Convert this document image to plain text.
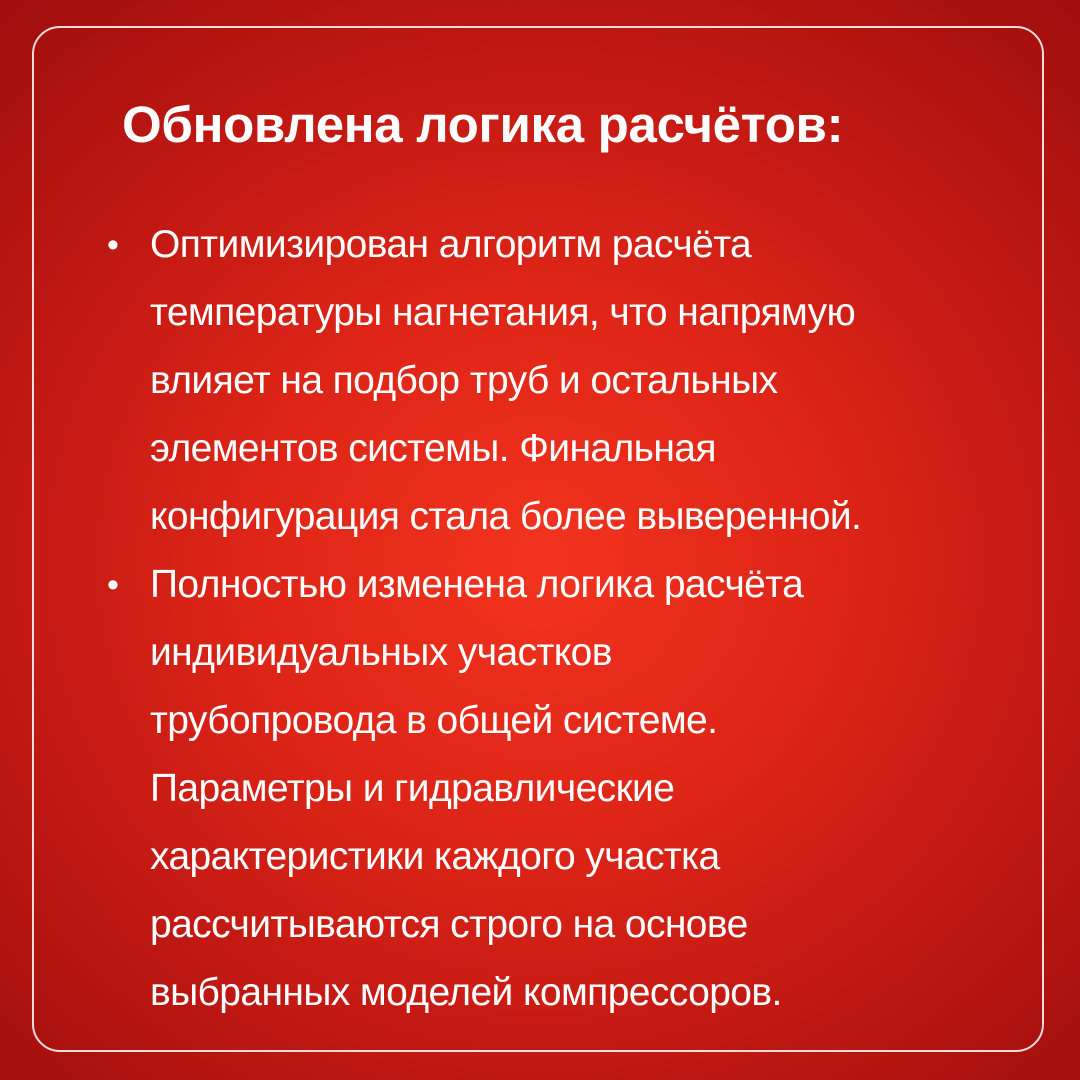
Обновлена логика расчётов:
• Оптимизирован алгоритм расчёта
температуры нагнетания, что напрямую
влияет на подбор труб и остальных
элементов системы. Финальная
конфигурация стала более выверенной.
• Полностью изменена логика расчёта
индивидуальных участков
трубопровода в общей системе.
Параметры и гидравлические
характеристики каждого участка
рассчитываются строго на основе
выбранных моделей компрессоров.
